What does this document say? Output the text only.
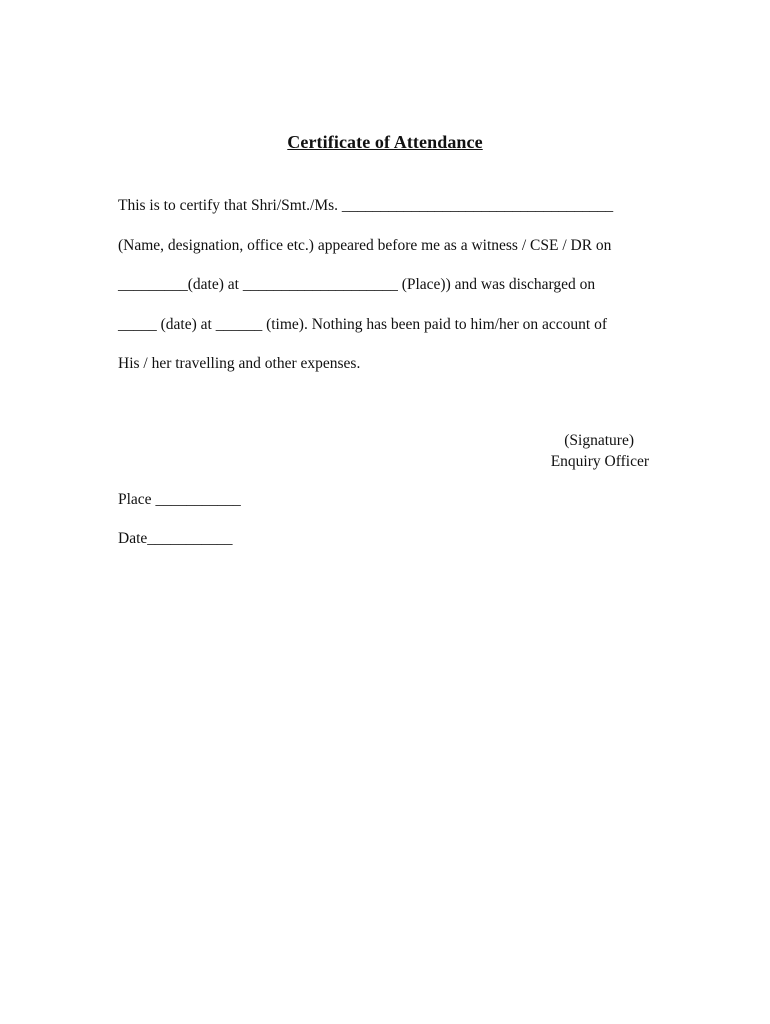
Certificate of Attendance
This is to certify that Shri/Smt./Ms. ___________________________________
(Name, designation, office etc.) appeared before me as a witness / CSE / DR on
_________(date) at ____________________ (Place)) and was discharged on
_____ (date) at ______ (time). Nothing has been paid to him/her on account of
His / her travelling and other expenses.
(Signature)
Enquiry Officer
Place ___________
Date___________
